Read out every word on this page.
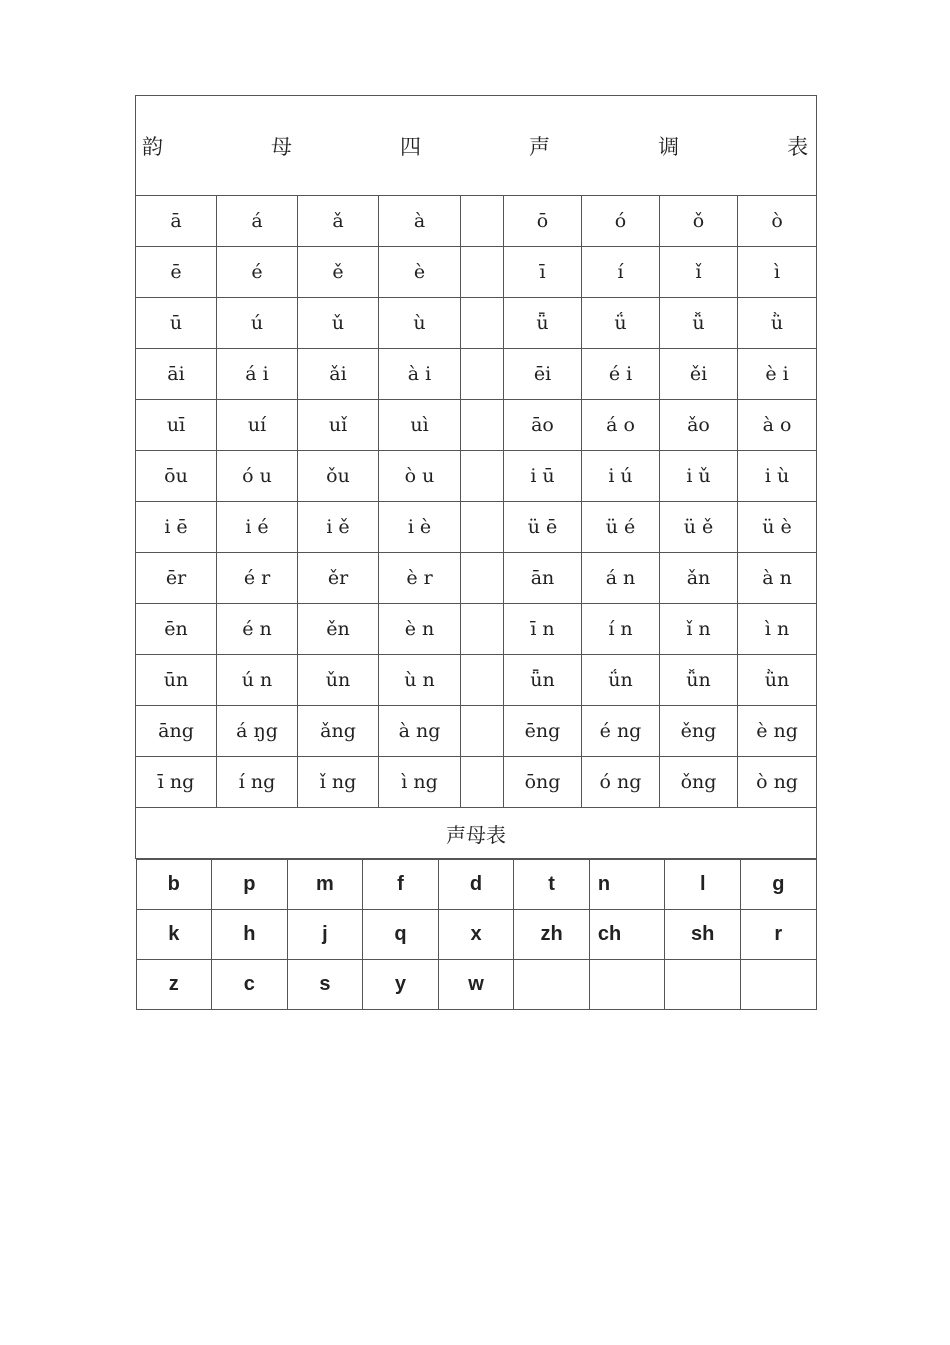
韵	母	四	声	调	表

ā	á	ǎ	à		ō	ó	ǒ	ò
ē	é	ě	è		ī	í	ǐ	ì
ū	ú	ǔ	ù		ǖ	ǘ	ǚ	ǜ
āi	á i	ǎi	à i		ēi	é i	ěi	è i
uī	uí	uǐ	uì		āo	á o	ǎo	à o
ōu	ó u	ǒu	ò u		i ū	i ú	i ǔ	i ù
i ē	i é	i ě	i è		ü ē	ü é	ü ě	ü è
ēr	é r	ěr	è r		ān	á n	ǎn	à n
ēn	é n	ěn	è n		ī n	í n	ǐ n	ì n
ūn	ú n	ǔn	ù n		ǖn	ǘn	ǚn	ǜn
āng	á ŋg	ǎng	à ng		ēng	é ng	ěng	è ng
ī ng	í ng	ǐ ng	ì ng		ōng	ó ng	ǒng	ò ng
声母表

b	p	m	f	d	t	n	l	g
k	h	j	q	x	zh	ch	sh	r
z	c	s	y	w				
